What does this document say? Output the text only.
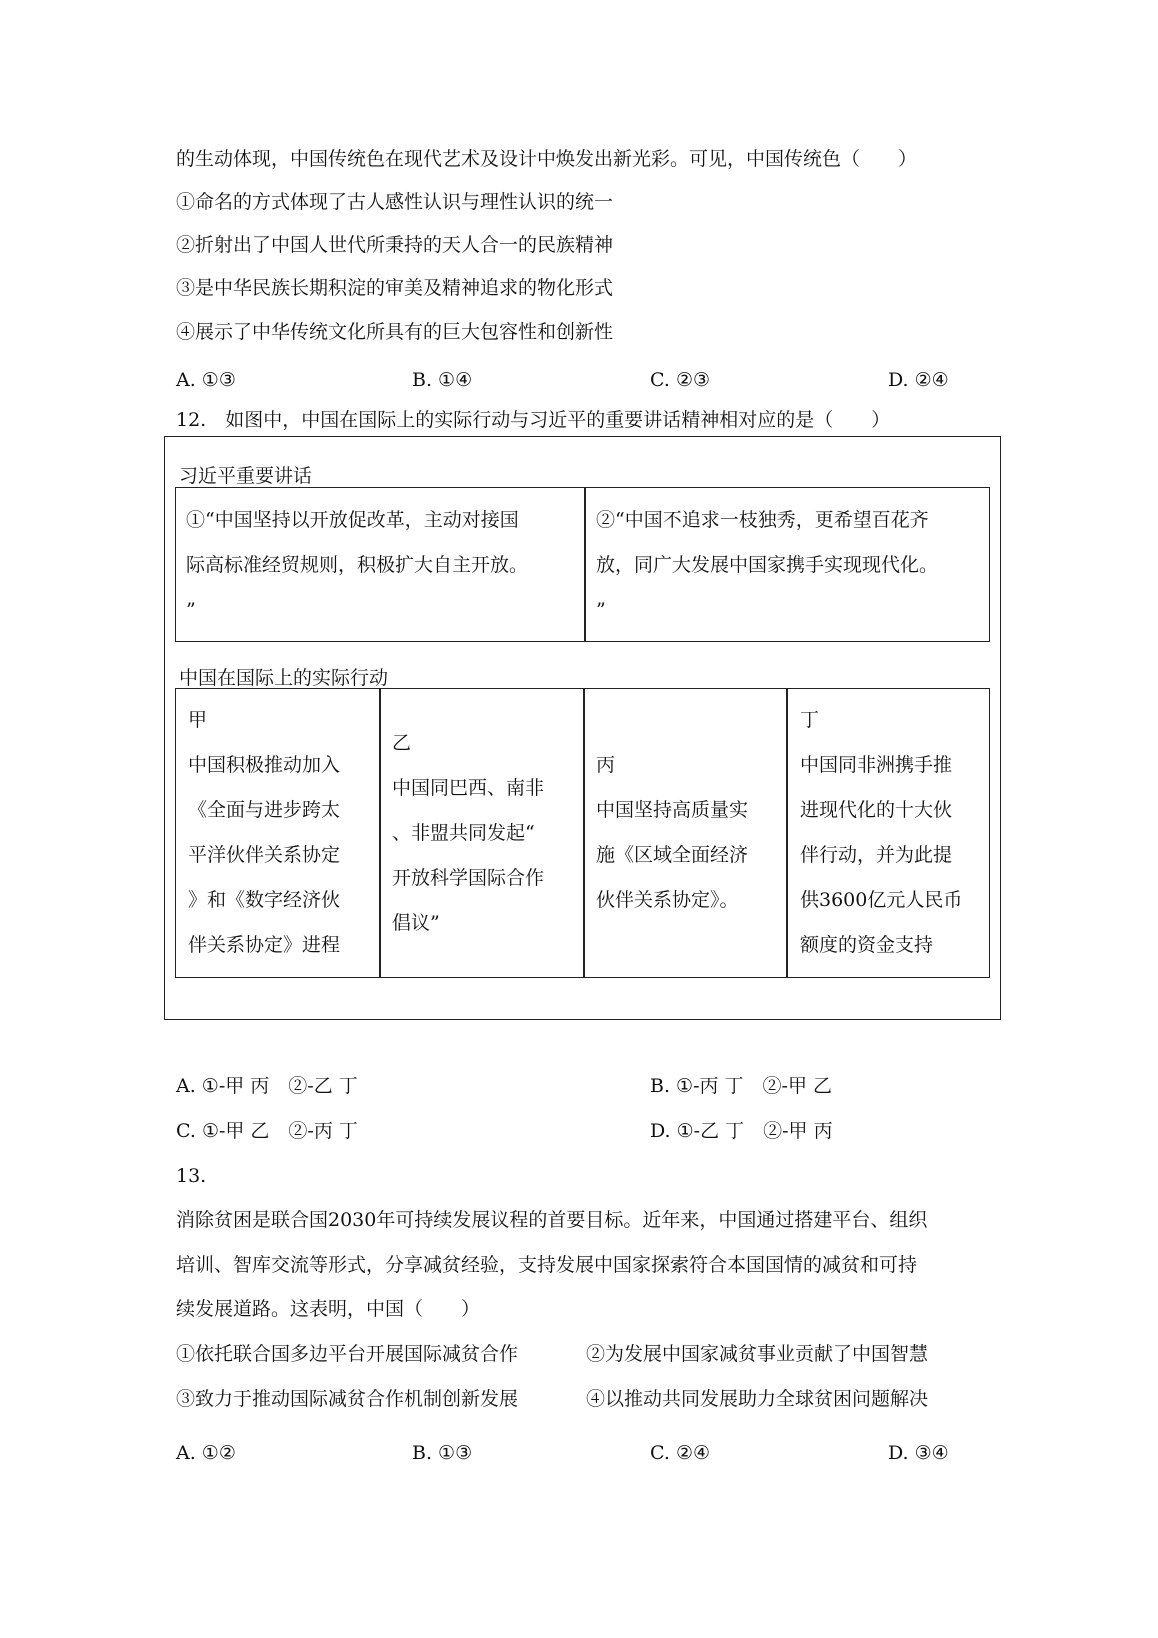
的生动体现，中国传统色在现代艺术及设计中焕发出新光彩。可见，中国传统色（　　）
①命名的方式体现了古人感性认识与理性认识的统一
②折射出了中国人世代所秉持的天人合一的民族精神
③是中华民族长期积淀的审美及精神追求的物化形式
④展示了中华传统文化所具有的巨大包容性和创新性
A. ①③	B. ①④	C. ②③	D. ②④
12.　如图中，中国在国际上的实际行动与习近平的重要讲话精神相对应的是（　　）
习近平重要讲话
①“中国坚持以开放促改革，主动对接国
际高标准经贸规则，积极扩大自主开放。
”
②“中国不追求一枝独秀，更希望百花齐
放，同广大发展中国家携手实现现代化。
”
中国在国际上的实际行动
甲
中国积极推动加入
《全面与进步跨太
平洋伙伴关系协定
》和《数字经济伙
伴关系协定》进程
乙
中国同巴西、南非
、非盟共同发起“
开放科学国际合作
倡议”
丙
中国坚持高质量实
施《区域全面经济
伙伴关系协定》。
丁
中国同非洲携手推
进现代化的十大伙
伴行动，并为此提
供3600亿元人民币
额度的资金支持
A. ①-甲 丙　②-乙 丁	B. ①-丙 丁　②-甲 乙
C. ①-甲 乙　②-丙 丁	D. ①-乙 丁　②-甲 丙
13.
消除贫困是联合国2030年可持续发展议程的首要目标。近年来，中国通过搭建平台、组织
培训、智库交流等形式，分享减贫经验，支持发展中国家探索符合本国国情的减贫和可持
续发展道路。这表明，中国（　　）
①依托联合国多边平台开展国际减贫合作	②为发展中国家减贫事业贡献了中国智慧
③致力于推动国际减贫合作机制创新发展	④以推动共同发展助力全球贫困问题解决
A. ①②	B. ①③	C. ②④	D. ③④
